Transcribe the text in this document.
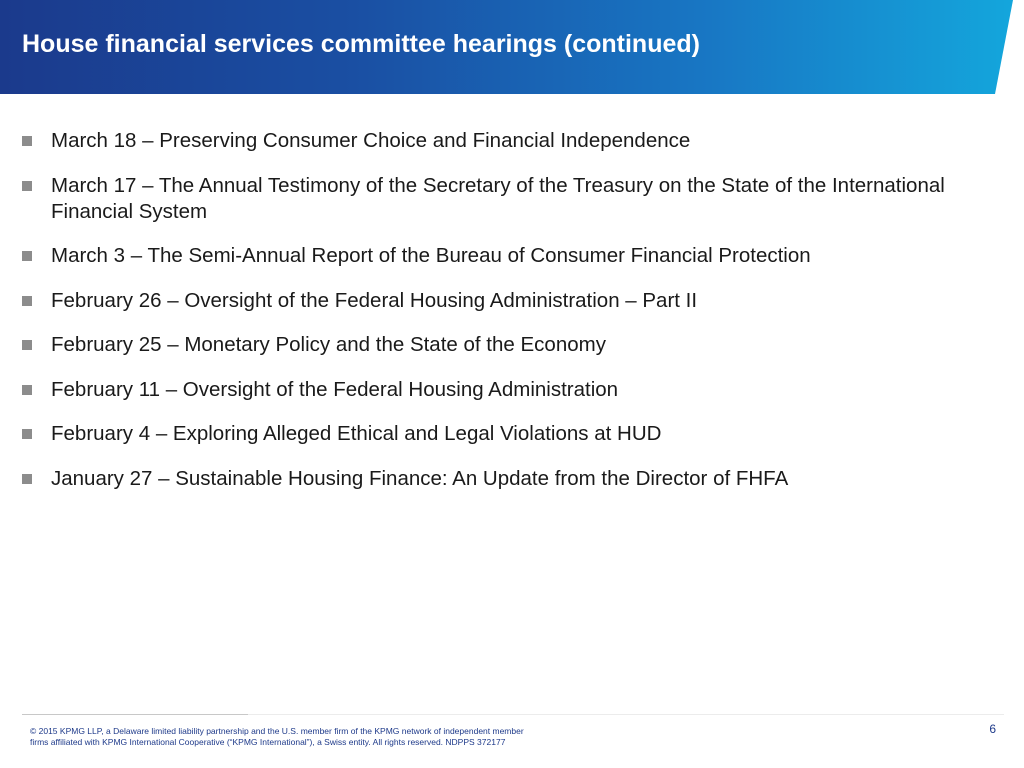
House financial services committee hearings (continued)
March 18 – Preserving Consumer Choice and Financial Independence
March 17 – The Annual Testimony of the Secretary of the Treasury on the State of the International Financial System
March 3 – The Semi-Annual Report of the Bureau of Consumer Financial Protection
February 26 – Oversight of the Federal Housing Administration – Part II
February 25 – Monetary Policy and the State of the Economy
February 11 – Oversight of the Federal Housing Administration
February 4 – Exploring Alleged Ethical and Legal Violations at HUD
January 27 – Sustainable Housing Finance: An Update from the Director of FHFA
© 2015 KPMG LLP, a Delaware limited liability partnership and the U.S. member firm of the KPMG network of independent member
firms affiliated with KPMG International Cooperative (“KPMG International”), a Swiss entity. All rights reserved. NDPPS 372177
6
